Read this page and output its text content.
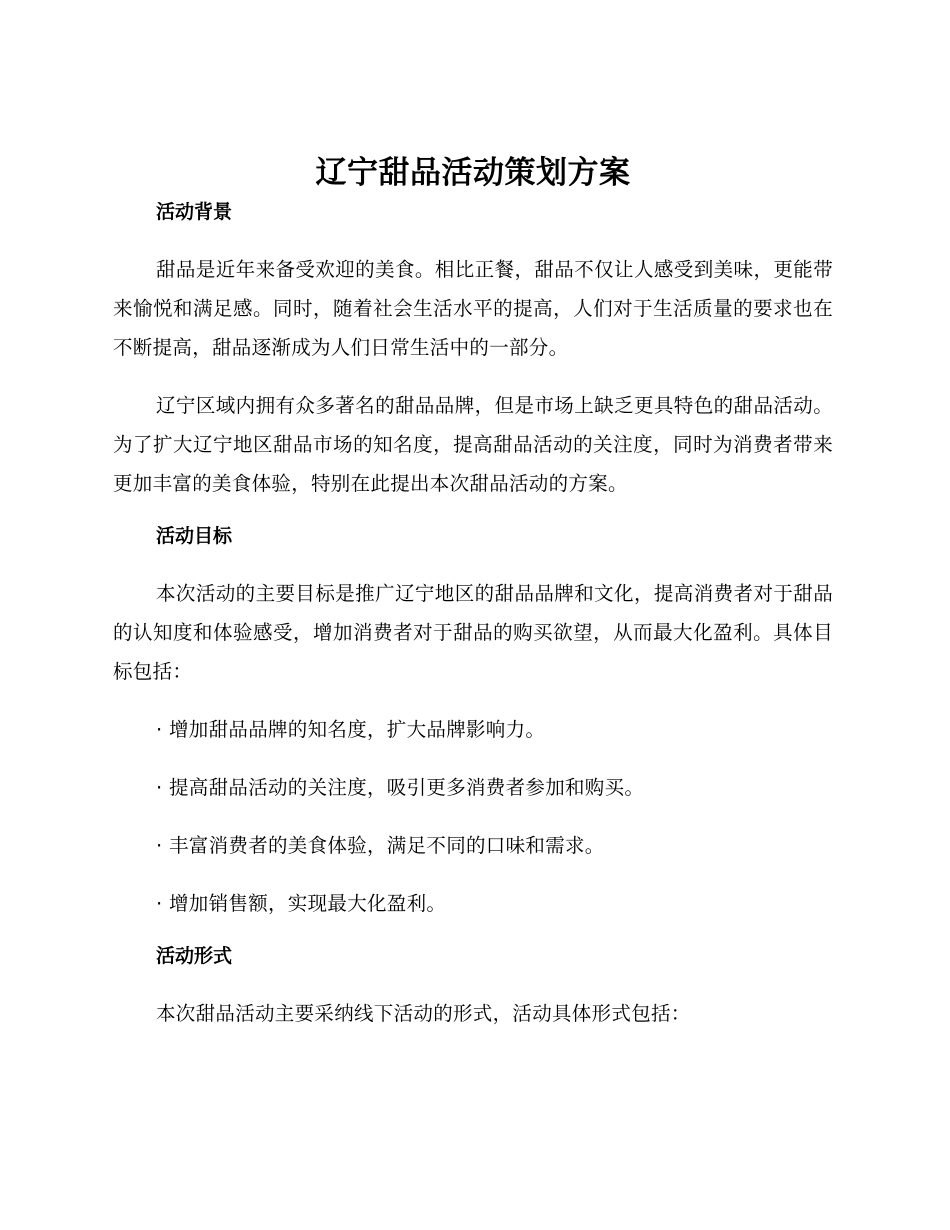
辽宁甜品活动策划方案
活动背景

甜品是近年来备受欢迎的美食。相比正餐，甜品不仅让人感受到美味，更能带来愉悦和满足感。同时，随着社会生活水平的提高，人们对于生活质量的要求也在不断提高，甜品逐渐成为人们日常生活中的一部分。

辽宁区域内拥有众多著名的甜品品牌，但是市场上缺乏更具特色的甜品活动。为了扩大辽宁地区甜品市场的知名度，提高甜品活动的关注度，同时为消费者带来更加丰富的美食体验，特别在此提出本次甜品活动的方案。

活动目标

本次活动的主要目标是推广辽宁地区的甜品品牌和文化，提高消费者对于甜品的认知度和体验感受，增加消费者对于甜品的购买欲望，从而最大化盈利。具体目标包括：

· 增加甜品品牌的知名度，扩大品牌影响力。
· 提高甜品活动的关注度，吸引更多消费者参加和购买。
· 丰富消费者的美食体验，满足不同的口味和需求。
· 增加销售额，实现最大化盈利。
活动形式

本次甜品活动主要采纳线下活动的形式，活动具体形式包括：
